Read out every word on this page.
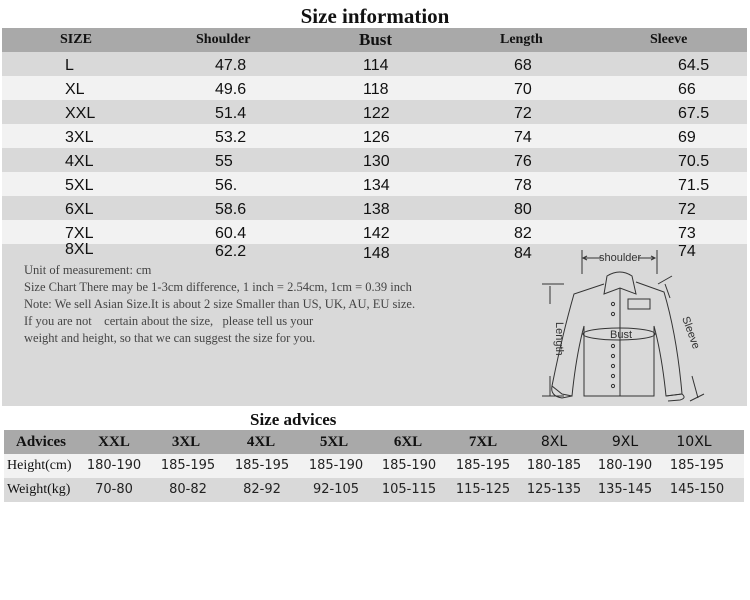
Size information
SIZE	Shoulder	Bust	Length	Sleeve
L	47.8	114	68	64.5
XL	49.6	118	70	66
XXL	51.4	122	72	67.5
3XL	53.2	126	74	69
4XL	55	130	76	70.5
5XL	56.	134	78	71.5
6XL	58.6	138	80	72
7XL	60.4	142	82	73
8XL	62.2	148	84	74
Unit of measurement: cm
Size Chart There may be 1-3cm difference, 1 inch = 2.54cm, 1cm = 0.39 inch
Note: We sell Asian Size.It is about 2 size Smaller than US, UK, AU, EU size.
If you are not    certain about the size,   please tell us your
weight and height, so that we can suggest the size for you.
shoulder
Bust
Length	Sleeve
Size advices
Advices	XXL	3XL	4XL	5XL	6XL	7XL	8XL	9XL	10XL
Height(cm)	180-190	185-195	185-195	185-190	185-190	185-195	180-185	180-190	185-195
Weight(kg)	70-80	80-82	82-92	92-105	105-115	115-125	125-135	135-145	145-150
